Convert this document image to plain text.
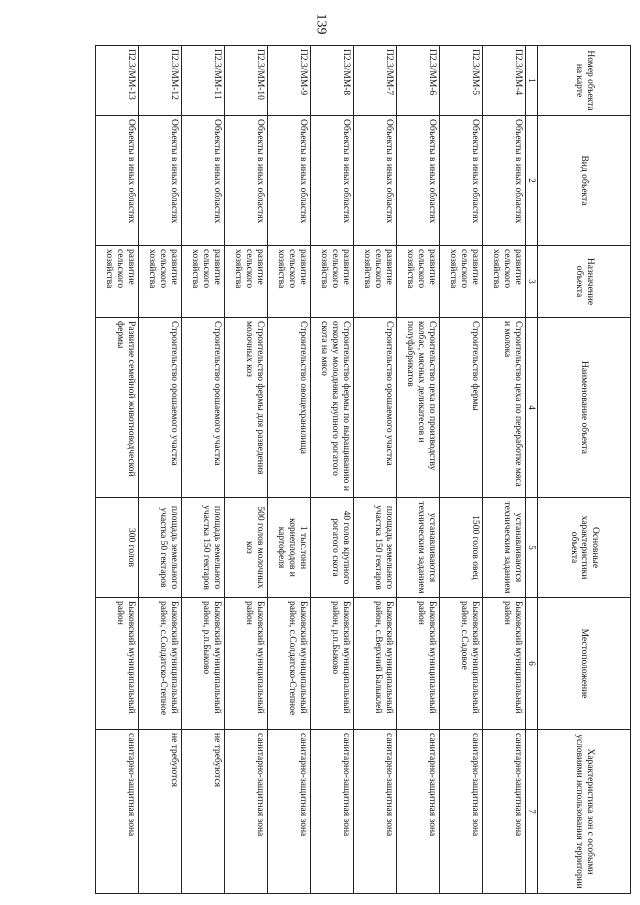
139
Номер объекта на карте	Вид объекта	Назначение объекта	Наименование объекта	Основные характеристики объекта	Местоположение	Характеристика зон с особыми условиями использования территории
1	2	3	4	5	6	7
П2.3/ММ-4	Объекты в иных областях	развитие сельского хозяйства	Строительство цеха по переработке мяса и молока	устанавливаются техническим заданием	Быковский муниципальный район	санитарно-защитная зона
П2.3/ММ-5	Объекты в иных областях	развитие сельского хозяйства	Строительство фермы	1500 голов овец	Быковский муниципальный район, с.Садовое	санитарно-защитная зона
П2.3/ММ-6	Объекты в иных областях	развитие сельского хозяйства	Строительство цеха по производству колбас, мясных деликатесов и полуфабрикатов	устанавливаются техническим заданием	Быковский муниципальный район	санитарно-защитная зона
П2.3/ММ-7	Объекты в иных областях	развитие сельского хозяйства	Строительство орошаемого участка	площадь земельного участка 150 гектаров	Быковский муниципальный район, с.Верхний Балыклей	санитарно-защитная зона
П2.3/ММ-8	Объекты в иных областях	развитие сельского хозяйства	Строительство фермы по выращиванию и откорму молодняка крупного рогатого скота на мясо	40 голов крупного рогатого скота	Быковский муниципальный район, р.п.Быково	санитарно-защитная зона
П2.3/ММ-9	Объекты в иных областях	развитие сельского хозяйства	Строительство овощехранилища	1 тыс.тонн корнеплодов и картофеля	Быковский муниципальный район, с.Солдатско-Степное	санитарно-защитная зона
П2.3/ММ-10	Объекты в иных областях	развитие сельского хозяйства	Строительство фермы для разведения молочных коз	500 голов молочных коз	Быковский муниципальный район	санитарно-защитная зона
П2.3/ММ-11	Объекты в иных областях	развитие сельского хозяйства	Строительство орошаемого участка	площадь земельного участка 150 гектаров	Быковский муниципальный район, р.п.Быково	не требуются
П2.3/ММ-12	Объекты в иных областях	развитие сельского хозяйства	Строительство орошаемого участка	площадь земельного участка 50 гектаров	Быковский муниципальный район, с.Солдатско-Степное	не требуются
П2.3/ММ-13	Объекты в иных областях	развитие сельского хозяйства	Развитие семейной животноводческой фермы	300 голов	Быковский муниципальный район	санитарно-защитная зона
